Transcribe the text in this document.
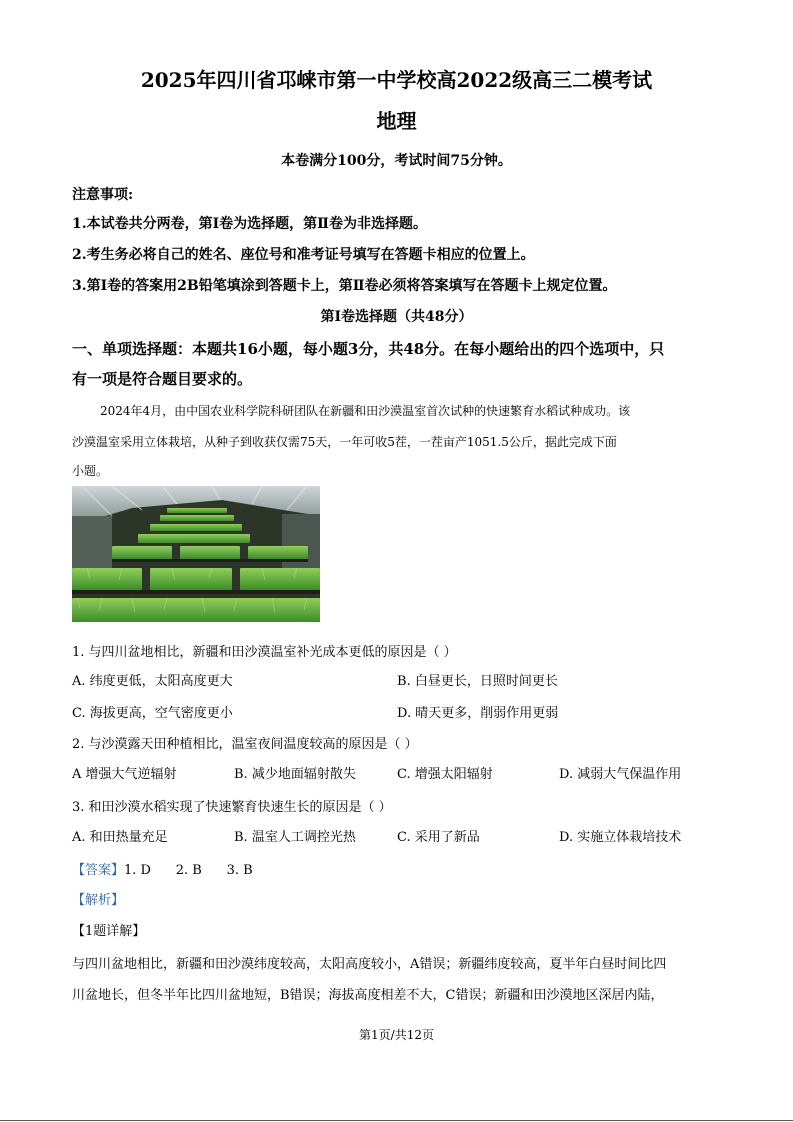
2025年四川省邛崃市第一中学校高2022级高三二模考试
地理
本卷满分100分，考试时间75分钟。
注意事项:
1.本试卷共分两卷，第Ⅰ卷为选择题，第Ⅱ卷为非选择题。
2.考生务必将自己的姓名、座位号和准考证号填写在答题卡相应的位置上。
3.第Ⅰ卷的答案用2B铅笔填涂到答题卡上，第Ⅱ卷必须将答案填写在答题卡上规定位置。
第Ⅰ卷选择题（共48分）
一、单项选择题：本题共16小题，每小题3分，共48分。在每小题给出的四个选项中，只
有一项是符合题目要求的。
2024年4月，由中国农业科学院科研团队在新疆和田沙漠温室首次试种的快速繁育水稻试种成功。该
沙漠温室采用立体栽培，从种子到收获仅需75天，一年可收5茬，一茬亩产1051.5公斤，据此完成下面
小题。
1. 与四川盆地相比，新疆和田沙漠温室补光成本更低的原因是（ ）
A. 纬度更低，太阳高度更大	B. 白昼更长，日照时间更长
C. 海拔更高，空气密度更小	D. 晴天更多，削弱作用更弱
2. 与沙漠露天田种植相比，温室夜间温度较高的原因是（ ）
A 增强大气逆辐射	B. 减少地面辐射散失	C. 增强太阳辐射	D. 减弱大气保温作用
3. 和田沙漠水稻实现了快速繁育快速生长的原因是（ ）
A. 和田热量充足	B. 温室人工调控光热	C. 采用了新品	D. 实施立体栽培技术
【答案】1. D      2. B      3. B
【解析】
【1题详解】
与四川盆地相比，新疆和田沙漠纬度较高，太阳高度较小，A错误；新疆纬度较高，夏半年白昼时间比四
川盆地长，但冬半年比四川盆地短，B错误；海拔高度相差不大，C错误；新疆和田沙漠地区深居内陆，
第1页/共12页
